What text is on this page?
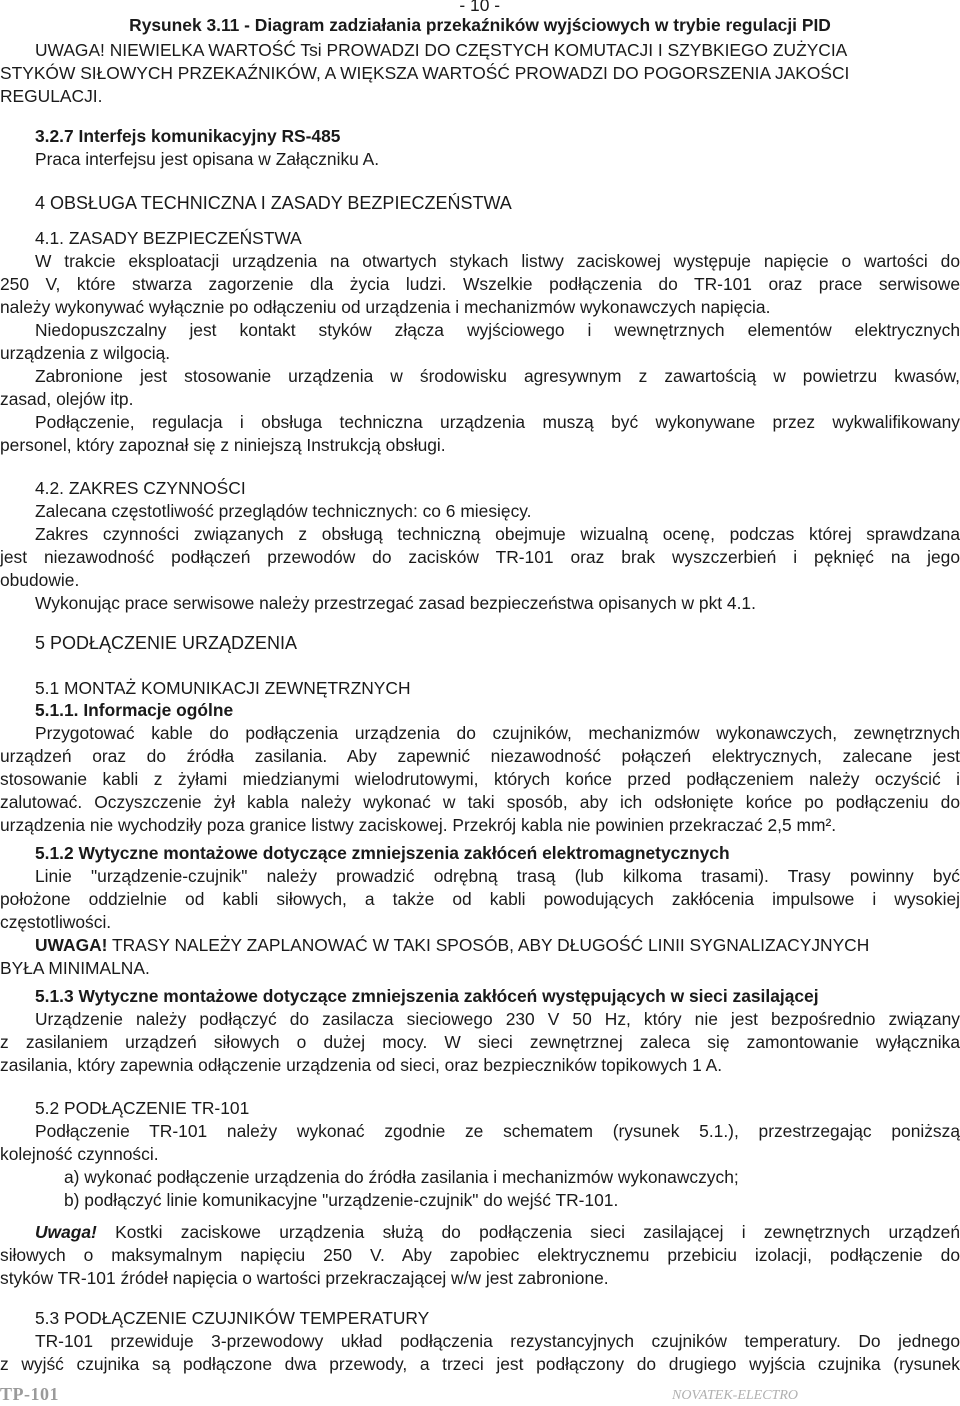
- 10 -
Rysunek 3.11 - Diagram zadziałania przekaźników wyjściowych w trybie regulacji PID
UWAGA! NIEWIELKA WARTOŚĆ Tsi PROWADZI DO CZĘSTYCH KOMUTACJI I SZYBKIEGO ZUŻYCIA
STYKÓW SIŁOWYCH PRZEKAŹNIKÓW, A WIĘKSZA WARTOŚĆ PROWADZI DO POGORSZENIA JAKOŚCI
REGULACJI.
3.2.7 Interfejs komunikacyjny RS-485
Praca interfejsu jest opisana w Załączniku A.
4 OBSŁUGA TECHNICZNA I ZASADY BEZPIECZEŃSTWA
4.1. ZASADY BEZPIECZEŃSTWA
W trakcie eksploatacji urządzenia na otwartych stykach listwy zaciskowej występuje napięcie o wartości do
250 V, które stwarza zagorzenie dla życia ludzi. Wszelkie podłączenia do TR-101 oraz prace serwisowe
należy wykonywać wyłącznie po odłączeniu od urządzenia i mechanizmów wykonawczych napięcia.
Niedopuszczalny jest kontakt styków złącza wyjściowego i wewnętrznych elementów elektrycznych
urządzenia z wilgocią.
Zabronione jest stosowanie urządzenia w środowisku agresywnym z zawartością w powietrzu kwasów,
zasad, olejów itp.
Podłączenie, regulacja i obsługa techniczna urządzenia muszą być wykonywane przez wykwalifikowany
personel, który zapoznał się z niniejszą Instrukcją obsługi.
4.2. ZAKRES CZYNNOŚCI
Zalecana częstotliwość przeglądów technicznych: co 6 miesięcy.
Zakres czynności związanych z obsługą techniczną obejmuje wizualną ocenę, podczas której sprawdzana
jest niezawodność podłączeń przewodów do zacisków TR-101 oraz brak wyszczerbień i pęknięć na jego
obudowie.
Wykonując prace serwisowe należy przestrzegać zasad bezpieczeństwa opisanych w pkt 4.1.
5 PODŁĄCZENIE URZĄDZENIA
5.1 MONTAŻ KOMUNIKACJI ZEWNĘTRZNYCH
5.1.1. Informacje ogólne
Przygotować kable do podłączenia urządzenia do czujników, mechanizmów wykonawczych, zewnętrznych
urządzeń oraz do źródła zasilania. Aby zapewnić niezawodność połączeń elektrycznych, zalecane jest
stosowanie kabli z żyłami miedzianymi wielodrutowymi, których końce przed podłączeniem należy oczyścić i
zalutować. Oczyszczenie żył kabla należy wykonać w taki sposób, aby ich odsłonięte końce po podłączeniu do
urządzenia nie wychodziły poza granice listwy zaciskowej. Przekrój kabla nie powinien przekraczać 2,5 mm².
5.1.2 Wytyczne montażowe dotyczące zmniejszenia zakłóceń elektromagnetycznych
Linie "urządzenie-czujnik" należy prowadzić odrębną trasą (lub kilkoma trasami). Trasy powinny być
położone oddzielnie od kabli siłowych, a także od kabli powodujących zakłócenia impulsowe i wysokiej
częstotliwości.
UWAGA! TRASY NALEŻY ZAPLANOWAĆ W TAKI SPOSÓB, ABY DŁUGOŚĆ LINII SYGNALIZACYJNYCH
BYŁA MINIMALNA.
5.1.3 Wytyczne montażowe dotyczące zmniejszenia zakłóceń występujących w sieci zasilającej
Urządzenie należy podłączyć do zasilacza sieciowego 230 V 50 Hz, który nie jest bezpośrednio związany
z zasilaniem urządzeń siłowych o dużej mocy. W sieci zewnętrznej zaleca się zamontowanie wyłącznika
zasilania, który zapewnia odłączenie urządzenia od sieci, oraz bezpieczników topikowych 1 A.
5.2 PODŁĄCZENIE TR-101
Podłączenie TR-101 należy wykonać zgodnie ze schematem (rysunek 5.1.), przestrzegając poniższą
kolejność czynności.
a) wykonać podłączenie urządzenia do źródła zasilania i mechanizmów wykonawczych;
b) podłączyć linie komunikacyjne "urządzenie-czujnik" do wejść TR-101.
Uwaga! Kostki zaciskowe urządzenia służą do podłączenia sieci zasilającej i zewnętrznych urządzeń
siłowych o maksymalnym napięciu 250 V. Aby zapobiec elektrycznemu przebiciu izolacji, podłączenie do
styków TR-101 źródeł napięcia o wartości przekraczającej w/w jest zabronione.
5.3 PODŁĄCZENIE CZUJNIKÓW TEMPERATURY
TR-101 przewiduje 3-przewodowy układ podłączenia rezystancyjnych czujników temperatury. Do jednego
z wyjść czujnika są podłączone dwa przewody, a trzeci jest podłączony do drugiego wyjścia czujnika (rysunek
TP-101	NOVATEK-ELECTRO
